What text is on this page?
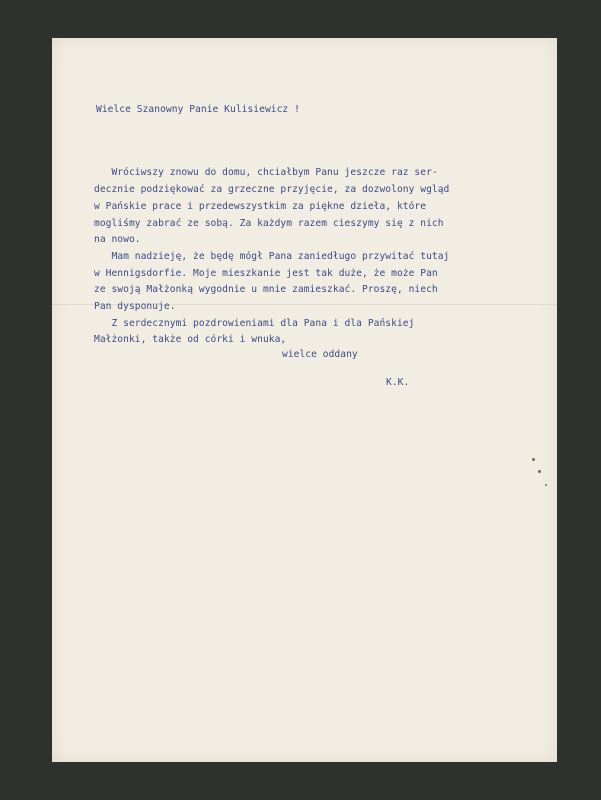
Wielce Szanowny Panie Kulisiewicz !

Wróciwszy znowu do domu, chciałbym Panu jeszcze raz ser-

decznie podziękować za grzeczne przyjęcie, za dozwolony wgląd

w Pańskie prace i przedewszystkim za piękne dzieła, które

mogliśmy zabrać ze sobą. Za każdym razem cieszymy się z nich

na nowo.

Mam nadzieję, że będę mógł Pana zaniedługo przywitać tutaj

w Hennigsdorfie. Moje mieszkanie jest tak duże, że może Pan

ze swoją Małżonką wygodnie u mnie zamieszkać. Proszę, niech

Pan dysponuje.

Z serdecznymi pozdrowieniami dla Pana i dla Pańskiej

Małżonki, także od córki i wnuka,

wielce oddany

K.K.
